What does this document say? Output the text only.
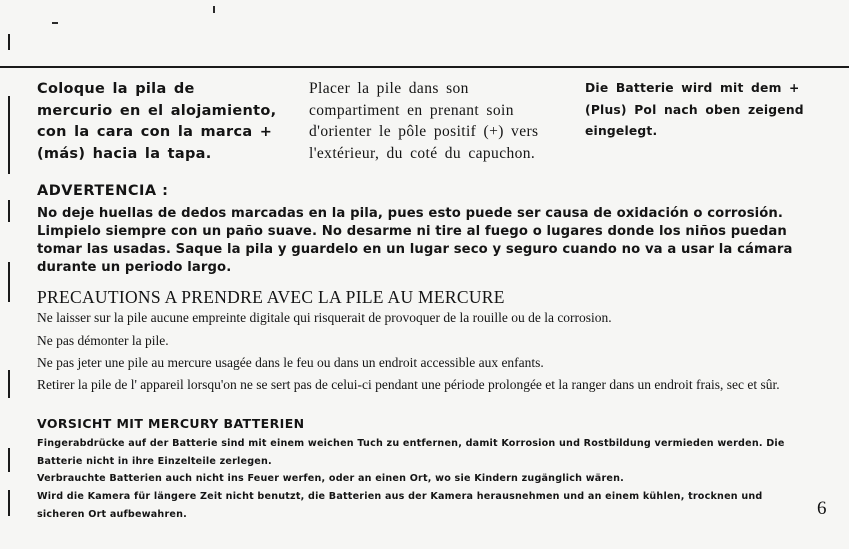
Coloque la pila de mercurio en el alojamiento, con la cara con la marca +(más) hacia la tapa.

Placer la pile dans son compartiment en prenant soin d'orienter le pôle positif (+) vers l'extérieur, du coté du capuchon.

Die Batterie wird mit dem + (Plus) Pol nach oben zeigend eingelegt.

ADVERTENCIA :

No deje huellas de dedos marcadas en la pila, pues esto puede ser causa de oxidación o corrosión. Limpielo siempre con un paño suave. No desarme ni tire al fuego o lugares donde los niños puedan tomar las usadas. Saque la pila y guardelo en un lugar seco y seguro cuando no va a usar la cámara durante un periodo largo.

PRECAUTIONS A PRENDRE AVEC LA PILE AU MERCURE

Ne laisser sur la pile aucune empreinte digitale qui risquerait de provoquer de la rouille ou de la corrosion.

Ne pas démonter la pile.

Ne pas jeter une pile au mercure usagée dans le feu ou dans un endroit accessible aux enfants.

Retirer la pile de l' appareil lorsqu'on ne se sert pas de celui-ci pendant une période prolongée et la ranger dans un endroit frais, sec et sûr.

VORSICHT MIT MERCURY BATTERIEN

Fingerabdrücke auf der Batterie sind mit einem weichen Tuch zu entfernen, damit Korrosion und Rostbildung vermieden werden. Die Batterie nicht in ihre Einzelteile zerlegen.

Verbrauchte Batterien auch nicht ins Feuer werfen, oder an einen Ort, wo sie Kindern zugänglich wären.

Wird die Kamera für längere Zeit nicht benutzt, die Batterien aus der Kamera herausnehmen und an einem kühlen, trocknen und sicheren Ort aufbewahren.	6
